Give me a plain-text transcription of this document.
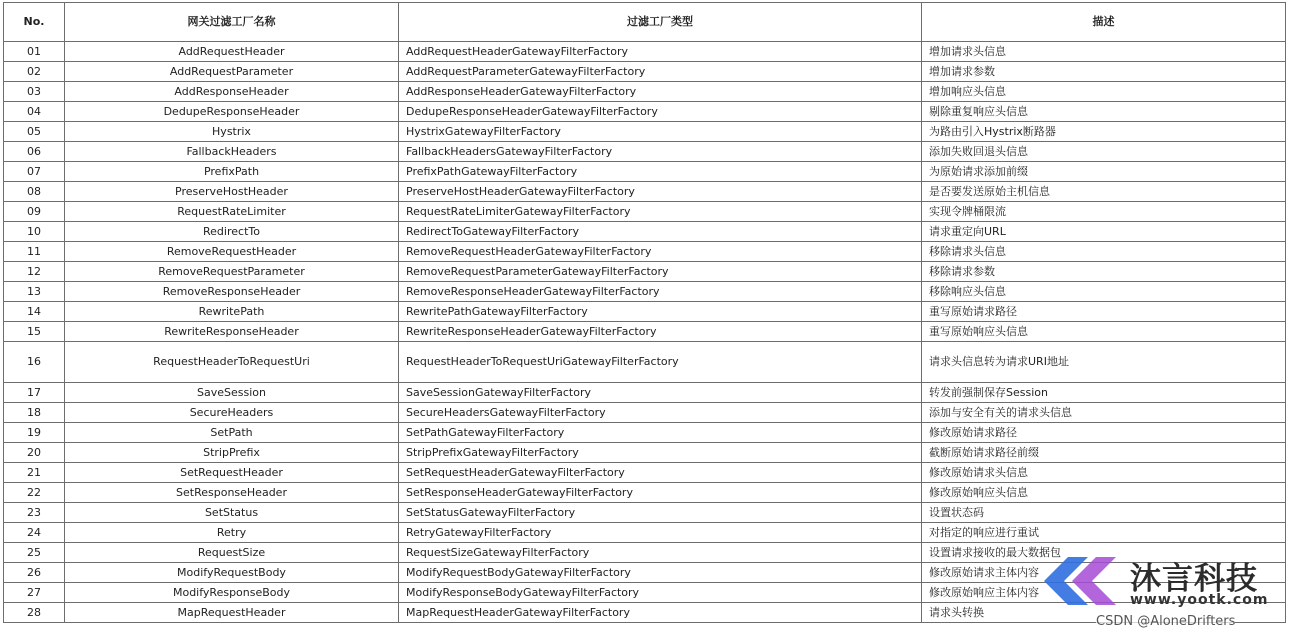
No.	网关过滤工厂名称	过滤工厂类型	描述
01	AddRequestHeader	AddRequestHeaderGatewayFilterFactory	增加请求头信息
02	AddRequestParameter	AddRequestParameterGatewayFilterFactory	增加请求参数
03	AddResponseHeader	AddResponseHeaderGatewayFilterFactory	增加响应头信息
04	DedupeResponseHeader	DedupeResponseHeaderGatewayFilterFactory	剔除重复响应头信息
05	Hystrix	HystrixGatewayFilterFactory	为路由引入Hystrix断路器
06	FallbackHeaders	FallbackHeadersGatewayFilterFactory	添加失败回退头信息
07	PrefixPath	PrefixPathGatewayFilterFactory	为原始请求添加前缀
08	PreserveHostHeader	PreserveHostHeaderGatewayFilterFactory	是否要发送原始主机信息
09	RequestRateLimiter	RequestRateLimiterGatewayFilterFactory	实现令牌桶限流
10	RedirectTo	RedirectToGatewayFilterFactory	请求重定向URL
11	RemoveRequestHeader	RemoveRequestHeaderGatewayFilterFactory	移除请求头信息
12	RemoveRequestParameter	RemoveRequestParameterGatewayFilterFactory	移除请求参数
13	RemoveResponseHeader	RemoveResponseHeaderGatewayFilterFactory	移除响应头信息
14	RewritePath	RewritePathGatewayFilterFactory	重写原始请求路径
15	RewriteResponseHeader	RewriteResponseHeaderGatewayFilterFactory	重写原始响应头信息
16	RequestHeaderToRequestUri	RequestHeaderToRequestUriGatewayFilterFactory	请求头信息转为请求URI地址
17	SaveSession	SaveSessionGatewayFilterFactory	转发前强制保存Session
18	SecureHeaders	SecureHeadersGatewayFilterFactory	添加与安全有关的请求头信息
19	SetPath	SetPathGatewayFilterFactory	修改原始请求路径
20	StripPrefix	StripPrefixGatewayFilterFactory	截断原始请求路径前缀
21	SetRequestHeader	SetRequestHeaderGatewayFilterFactory	修改原始请求头信息
22	SetResponseHeader	SetResponseHeaderGatewayFilterFactory	修改原始响应头信息
23	SetStatus	SetStatusGatewayFilterFactory	设置状态码
24	Retry	RetryGatewayFilterFactory	对指定的响应进行重试
25	RequestSize	RequestSizeGatewayFilterFactory	设置请求接收的最大数据包
26	ModifyRequestBody	ModifyRequestBodyGatewayFilterFactory	修改原始请求主体内容
27	ModifyResponseBody	ModifyResponseBodyGatewayFilterFactory	修改原始响应主体内容
28	MapRequestHeader	MapRequestHeaderGatewayFilterFactory	请求头转换
沐言科技
www.yootk.com
CSDN @AloneDrifters
